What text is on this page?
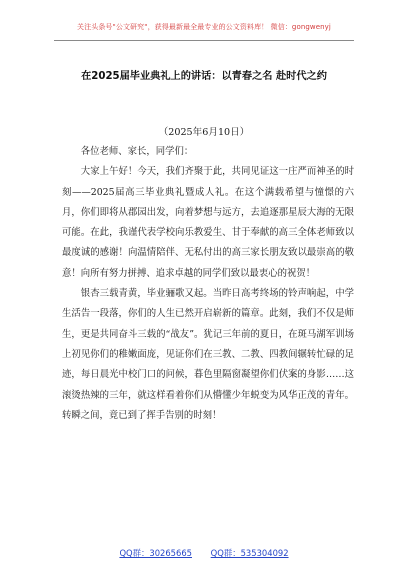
关注头条号"公文研究"，获得最新最全最专业的公文资料库！ 微信：gongwenyj
在2025届毕业典礼上的讲话：以青春之名 赴时代之约
（2025年6月10日）

各位老师、家长，同学们：

大家上午好！今天，我们齐聚于此，共同见证这一庄严而神圣的时刻——2025届高三毕业典礼暨成人礼。在这个满载希望与憧憬的六月，你们即将从郡园出发，向着梦想与远方，去追逐那星辰大海的无限可能。在此，我谨代表学校向乐教爱生、甘于奉献的高三全体老师致以最度诚的感谢！向温情陪伴、无私付出的高三家长朋友致以最崇高的敬意！向所有努力拼搏、追求卓越的同学们致以最衷心的祝贺！

银杏三载青黄，毕业骊歌又起。当昨日高考终场的铃声响起，中学生活告一段落，你们的人生已然开启崭新的篇章。此刻，我们不仅是师生，更是共同奋斗三载的“战友”。犹记三年前的夏日，在斑马湖军训场上初见你们的稚嫩面庞，见证你们在三教、二教、四教间辗转忙碌的足迹，每日晨光中校门口的问候，暮色里隔窗凝望你们伏案的身影……这滚烫热辣的三年，就这样看着你们从懵懂少年蜕变为风华正茂的青年。转瞬之间，竟已到了挥手告别的时刻！

QQ群：30265665 QQ群：535304092
